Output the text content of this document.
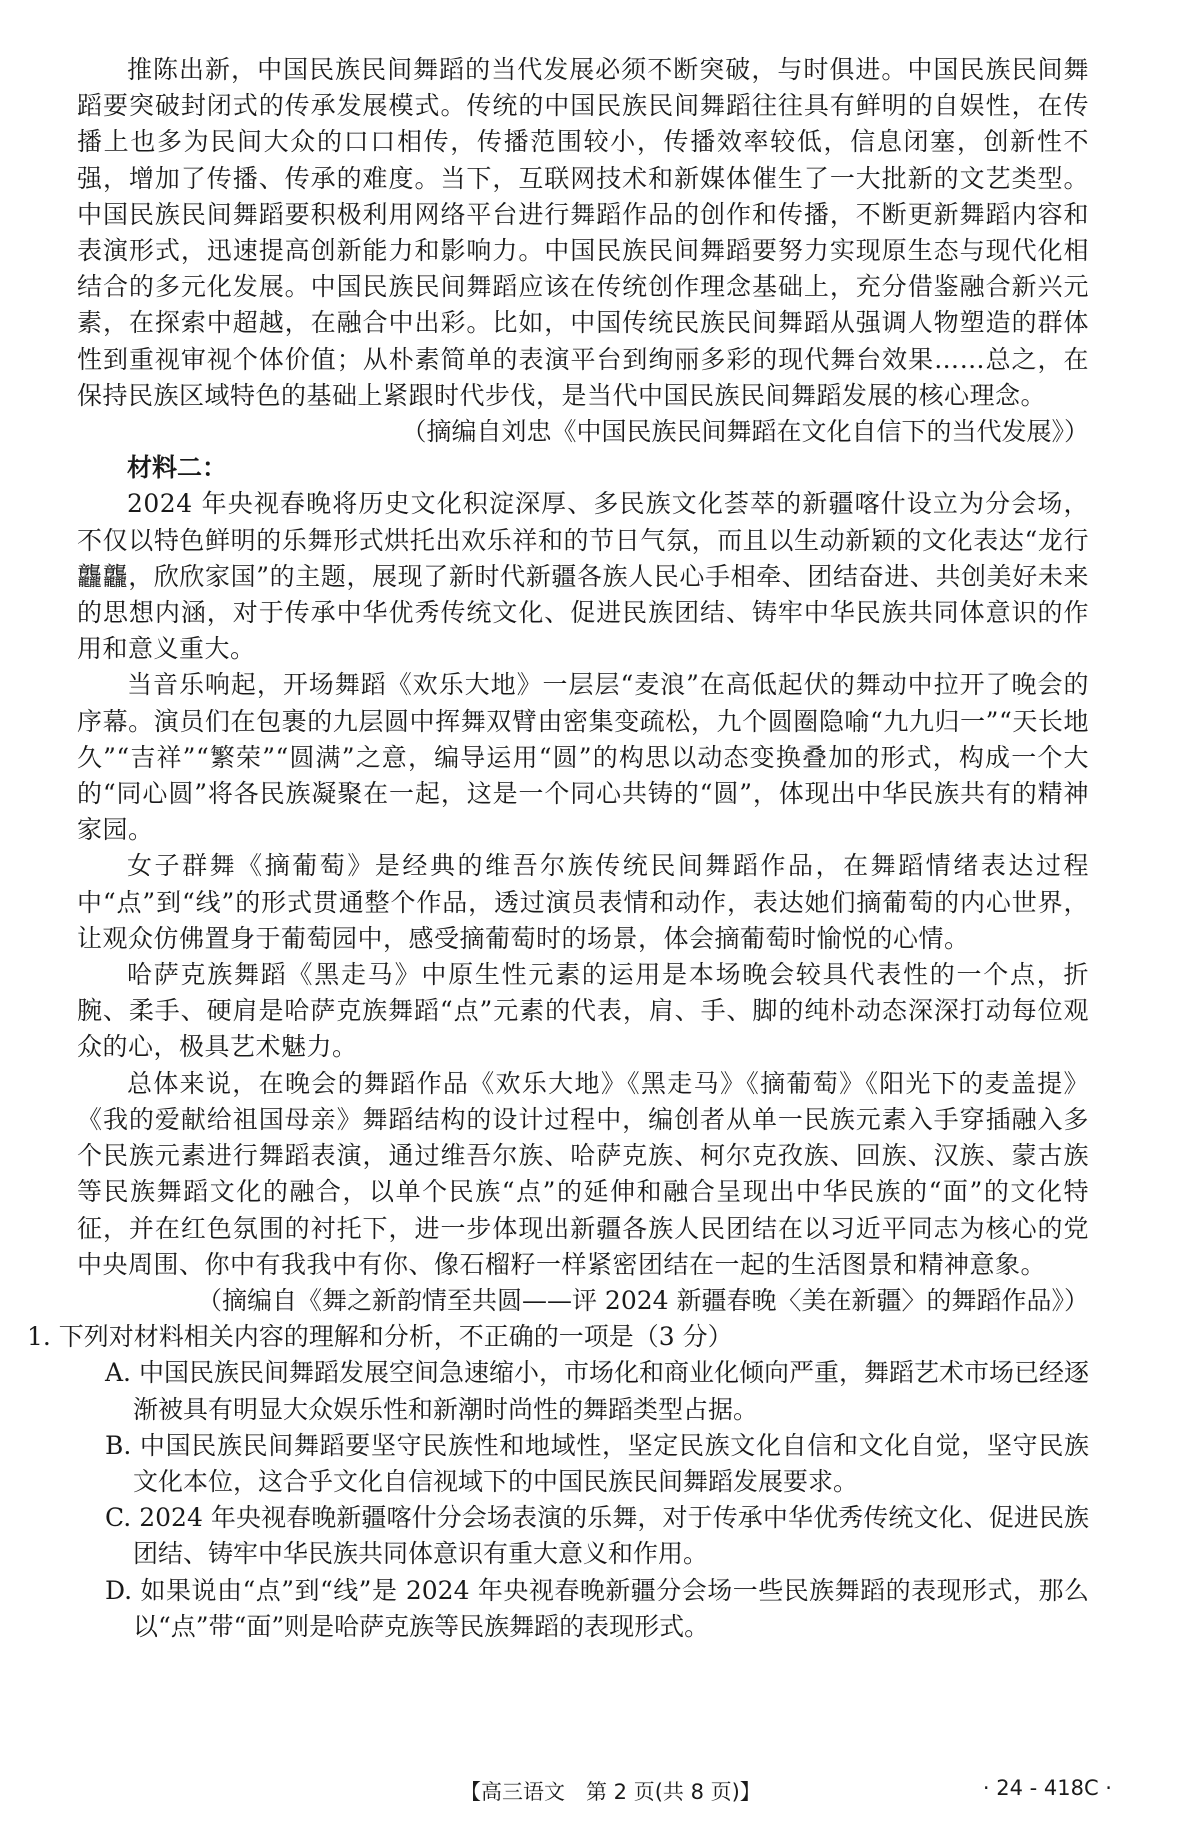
推陈出新，中国民族民间舞蹈的当代发展必须不断突破，与时俱进。中国民族民间舞蹈要突破封闭式的传承发展模式。传统的中国民族民间舞蹈往往具有鲜明的自娱性，在传播上也多为民间大众的口口相传，传播范围较小，传播效率较低，信息闭塞，创新性不强，增加了传播、传承的难度。当下，互联网技术和新媒体催生了一大批新的文艺类型。中国民族民间舞蹈要积极利用网络平台进行舞蹈作品的创作和传播，不断更新舞蹈内容和表演形式，迅速提高创新能力和影响力。中国民族民间舞蹈要努力实现原生态与现代化相结合的多元化发展。中国民族民间舞蹈应该在传统创作理念基础上，充分借鉴融合新兴元素，在探索中超越，在融合中出彩。比如，中国传统民族民间舞蹈从强调人物塑造的群体性到重视审视个体价值；从朴素简单的表演平台到绚丽多彩的现代舞台效果……总之，在保持民族区域特色的基础上紧跟时代步伐，是当代中国民族民间舞蹈发展的核心理念。

（摘编自刘忠《中国民族民间舞蹈在文化自信下的当代发展》）

材料二：

2024 年央视春晚将历史文化积淀深厚、多民族文化荟萃的新疆喀什设立为分会场，不仅以特色鲜明的乐舞形式烘托出欢乐祥和的节日气氛，而且以生动新颖的文化表达“龙行龘龘，欣欣家国”的主题，展现了新时代新疆各族人民心手相牵、团结奋进、共创美好未来的思想内涵，对于传承中华优秀传统文化、促进民族团结、铸牢中华民族共同体意识的作用和意义重大。

当音乐响起，开场舞蹈《欢乐大地》一层层“麦浪”在高低起伏的舞动中拉开了晚会的序幕。演员们在包裹的九层圆中挥舞双臂由密集变疏松，九个圆圈隐喻“九九归一”“天长地久”“吉祥”“繁荣”“圆满”之意，编导运用“圆”的构思以动态变换叠加的形式，构成一个大的“同心圆”将各民族凝聚在一起，这是一个同心共铸的“圆”，体现出中华民族共有的精神家园。

女子群舞《摘葡萄》是经典的维吾尔族传统民间舞蹈作品，在舞蹈情绪表达过程中“点”到“线”的形式贯通整个作品，透过演员表情和动作，表达她们摘葡萄的内心世界，让观众仿佛置身于葡萄园中，感受摘葡萄时的场景，体会摘葡萄时愉悦的心情。

哈萨克族舞蹈《黑走马》中原生性元素的运用是本场晚会较具代表性的一个点，折腕、柔手、硬肩是哈萨克族舞蹈“点”元素的代表，肩、手、脚的纯朴动态深深打动每位观众的心，极具艺术魅力。

总体来说，在晚会的舞蹈作品《欢乐大地》《黑走马》《摘葡萄》《阳光下的麦盖提》《我的爱献给祖国母亲》舞蹈结构的设计过程中，编创者从单一民族元素入手穿插融入多个民族元素进行舞蹈表演，通过维吾尔族、哈萨克族、柯尔克孜族、回族、汉族、蒙古族等民族舞蹈文化的融合，以单个民族“点”的延伸和融合呈现出中华民族的“面”的文化特征，并在红色氛围的衬托下，进一步体现出新疆各族人民团结在以习近平同志为核心的党中央周围、你中有我我中有你、像石榴籽一样紧密团结在一起的生活图景和精神意象。

（摘编自《舞之新韵情至共圆——评 2024 新疆春晚〈美在新疆〉的舞蹈作品》）

1. 下列对材料相关内容的理解和分析，不正确的一项是（3 分）

A. 中国民族民间舞蹈发展空间急速缩小，市场化和商业化倾向严重，舞蹈艺术市场已经逐渐被具有明显大众娱乐性和新潮时尚性的舞蹈类型占据。

B. 中国民族民间舞蹈要坚守民族性和地域性，坚定民族文化自信和文化自觉，坚守民族文化本位，这合乎文化自信视域下的中国民族民间舞蹈发展要求。

C. 2024 年央视春晚新疆喀什分会场表演的乐舞，对于传承中华优秀传统文化、促进民族团结、铸牢中华民族共同体意识有重大意义和作用。

D. 如果说由“点”到“线”是 2024 年央视春晚新疆分会场一些民族舞蹈的表现形式，那么以“点”带“面”则是哈萨克族等民族舞蹈的表现形式。

【高三语文　第 2 页(共 8 页)】	· 24 - 418C ·
